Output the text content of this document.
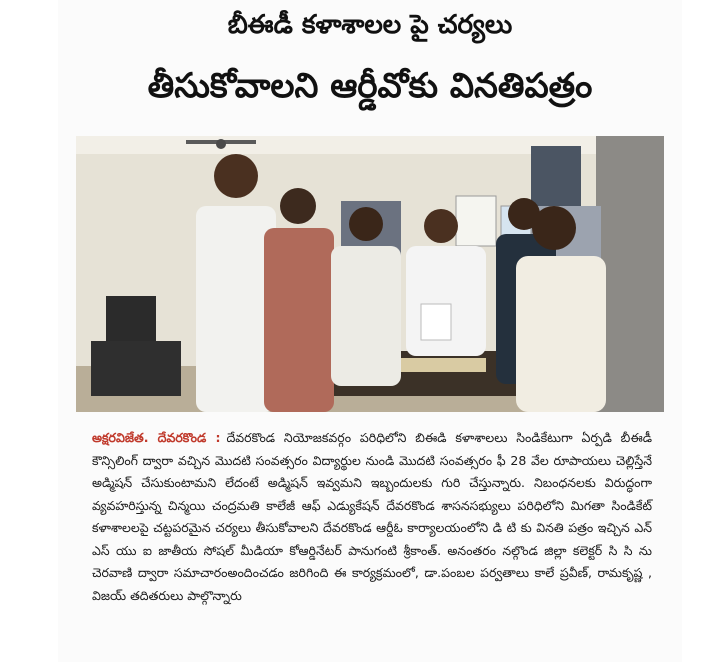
బీఈడీ కళాశాలల పై చర్యలు
తీసుకోవాలని ఆర్డీవోకు వినతిపత్రం

అక్షరవిజేత. దేవరకొండ : దేవరకొండ నియోజకవర్గం పరిధిలోని బిఈడి కళాశాలలు సిండికేటుగా ఏర్పడి బీఈడీ కౌన్సిలింగ్ ద్వారా వచ్చిన మొదటి సంవత్సరం విద్యార్థుల నుండి మొదటి సంవత్సరం ఫీ 28 వేల రూపాయలు చెల్లిస్తేనే అడ్మిషన్ చేసుకుంటామని లేదంటే అడ్మిషన్ ఇవ్వమని ఇబ్బందులకు గురి చేస్తున్నారు. నిబంధనలకు విరుద్ధంగా వ్యవహరిస్తున్న చిన్మయి చంద్రమతి కాలేజీ ఆఫ్ ఎడ్యుకేషన్ దేవరకొండ శాసనసభ్యులు పరిధిలోని మిగతా సిండికేట్ కళాశాలలపై చట్టపరమైన చర్యలు తీసుకోవాలని దేవరకొండ ఆర్డీఓ కార్యాలయంలోని డి టి కు వినతి పత్రం ఇచ్చిన ఎన్ ఎస్ యు ఐ జాతీయ సోషల్ మీడియా కోఆర్డినేటర్ పానుగంటి శ్రీకాంత్. అనంతరం నల్గొండ జిల్లా కలెక్టర్ సి సి ను చెరవాణి ద్వారా సమాచారంఅందించడం జరిగింది ఈ కార్యక్రమంలో, డా.పంబల పర్వతాలు కాలే ప్రవీణ్, రామకృష్ణ , విజయ్ తదితరులు పాల్గొన్నారు
